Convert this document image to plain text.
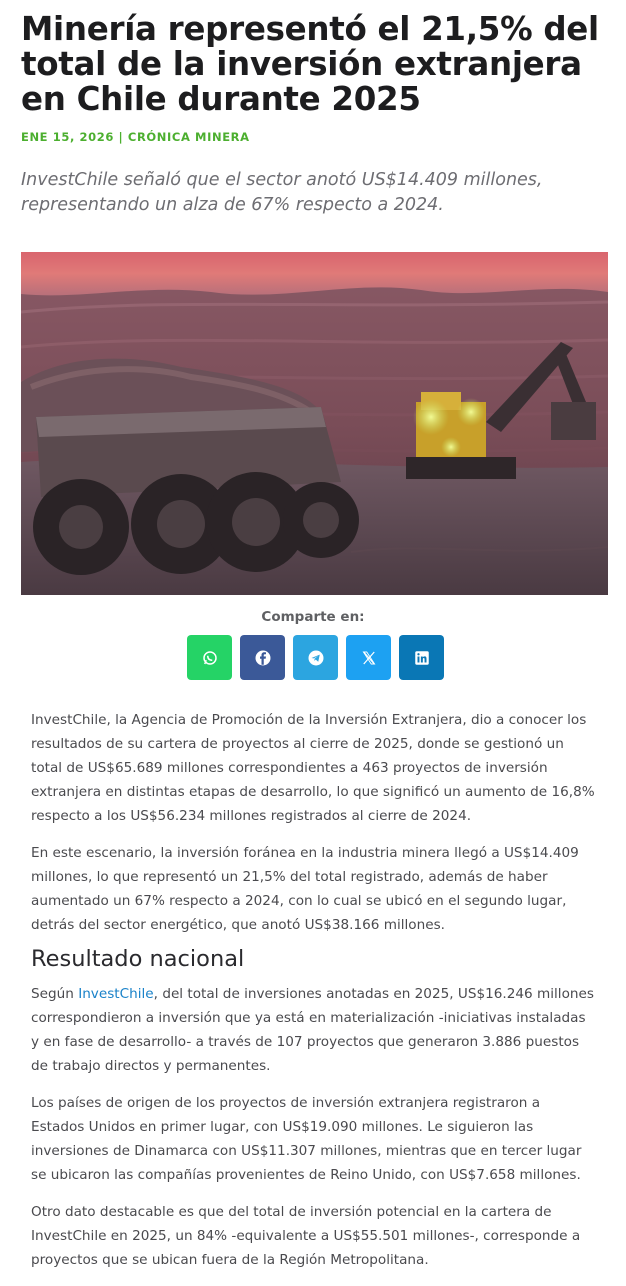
Minería representó el 21,5% del total de la inversión extranjera en Chile durante 2025
ENE 15, 2026 | CRÓNICA MINERA
InvestChile señaló que el sector anotó US$14.409 millones, representando un alza de 67% respecto a 2024.
Comparte en:

InvestChile, la Agencia de Promoción de la Inversión Extranjera, dio a conocer los resultados de su cartera de proyectos al cierre de 2025, donde se gestionó un total de US$65.689 millones correspondientes a 463 proyectos de inversión extranjera en distintas etapas de desarrollo, lo que significó un aumento de 16,8% respecto a los US$56.234 millones registrados al cierre de 2024.

En este escenario, la inversión foránea en la industria minera llegó a US$14.409 millones, lo que representó un 21,5% del total registrado, además de haber aumentado un 67% respecto a 2024, con lo cual se ubicó en el segundo lugar, detrás del sector energético, que anotó US$38.166 millones.

Resultado nacional

Según InvestChile, del total de inversiones anotadas en 2025, US$16.246 millones correspondieron a inversión que ya está en materialización -iniciativas instaladas y en fase de desarrollo- a través de 107 proyectos que generaron 3.886 puestos de trabajo directos y permanentes.

Los países de origen de los proyectos de inversión extranjera registraron a Estados Unidos en primer lugar, con US$19.090 millones. Le siguieron las inversiones de Dinamarca con US$11.307 millones, mientras que en tercer lugar se ubicaron las compañías provenientes de Reino Unido, con US$7.658 millones.

Otro dato destacable es que del total de inversión potencial en la cartera de InvestChile en 2025, un 84% -equivalente a US$55.501 millones-, corresponde a proyectos que se ubican fuera de la Región Metropolitana.
